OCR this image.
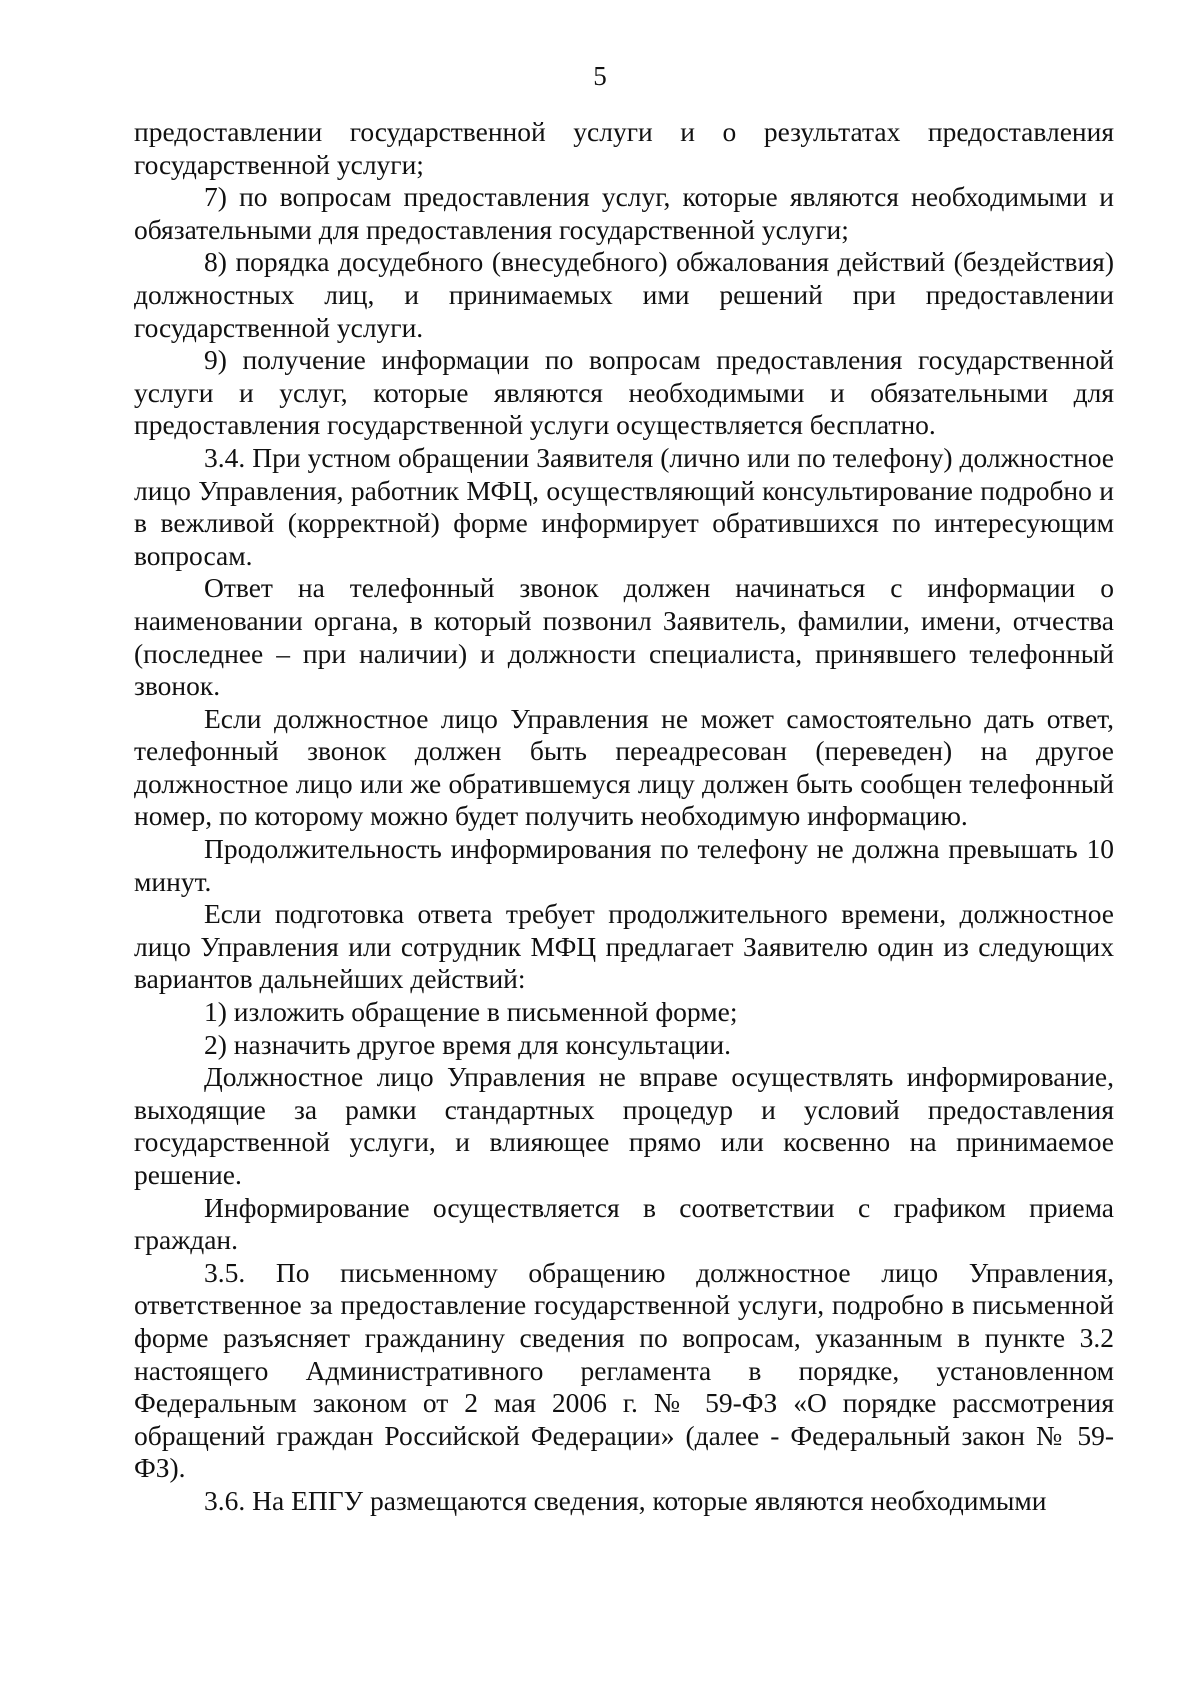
5

предоставлении государственной услуги и о результатах предоставления государственной услуги;

7) по вопросам предоставления услуг, которые являются необходимыми и обязательными для предоставления государственной услуги;

8) порядка досудебного (внесудебного) обжалования действий (бездействия) должностных лиц, и принимаемых ими решений при предоставлении государственной услуги.

9) получение информации по вопросам предоставления государственной услуги и услуг, которые являются необходимыми и обязательными для предоставления государственной услуги осуществляется бесплатно.

3.4. При устном обращении Заявителя (лично или по телефону) должностное лицо Управления, работник МФЦ, осуществляющий консультирование подробно и в вежливой (корректной) форме информирует обратившихся по интересующим вопросам.

Ответ на телефонный звонок должен начинаться с информации о наименовании органа, в который позвонил Заявитель, фамилии, имени, отчества (последнее – при наличии) и должности специалиста, принявшего телефонный звонок.

Если должностное лицо Управления не может самостоятельно дать ответ, телефонный звонок должен быть переадресован (переведен) на другое должностное лицо или же обратившемуся лицу должен быть сообщен телефонный номер, по которому можно будет получить необходимую информацию.

Продолжительность информирования по телефону не должна превышать 10 минут.

Если подготовка ответа требует продолжительного времени, должностное лицо Управления или сотрудник МФЦ предлагает Заявителю один из следующих вариантов дальнейших действий:

1) изложить обращение в письменной форме;

2) назначить другое время для консультации.

Должностное лицо Управления не вправе осуществлять информирование, выходящие за рамки стандартных процедур и условий предоставления государственной услуги, и влияющее прямо или косвенно на принимаемое решение.

Информирование осуществляется в соответствии с графиком приема граждан.

3.5. По письменному обращению должностное лицо Управления, ответственное за предоставление государственной услуги, подробно в письменной форме разъясняет гражданину сведения по вопросам, указанным в пункте 3.2 настоящего Административного регламента в порядке, установленном Федеральным законом от 2 мая 2006 г. № 59-ФЗ «О порядке рассмотрения обращений граждан Российской Федерации» (далее - Федеральный закон № 59-ФЗ).

3.6. На ЕПГУ размещаются сведения, которые являются необходимыми
